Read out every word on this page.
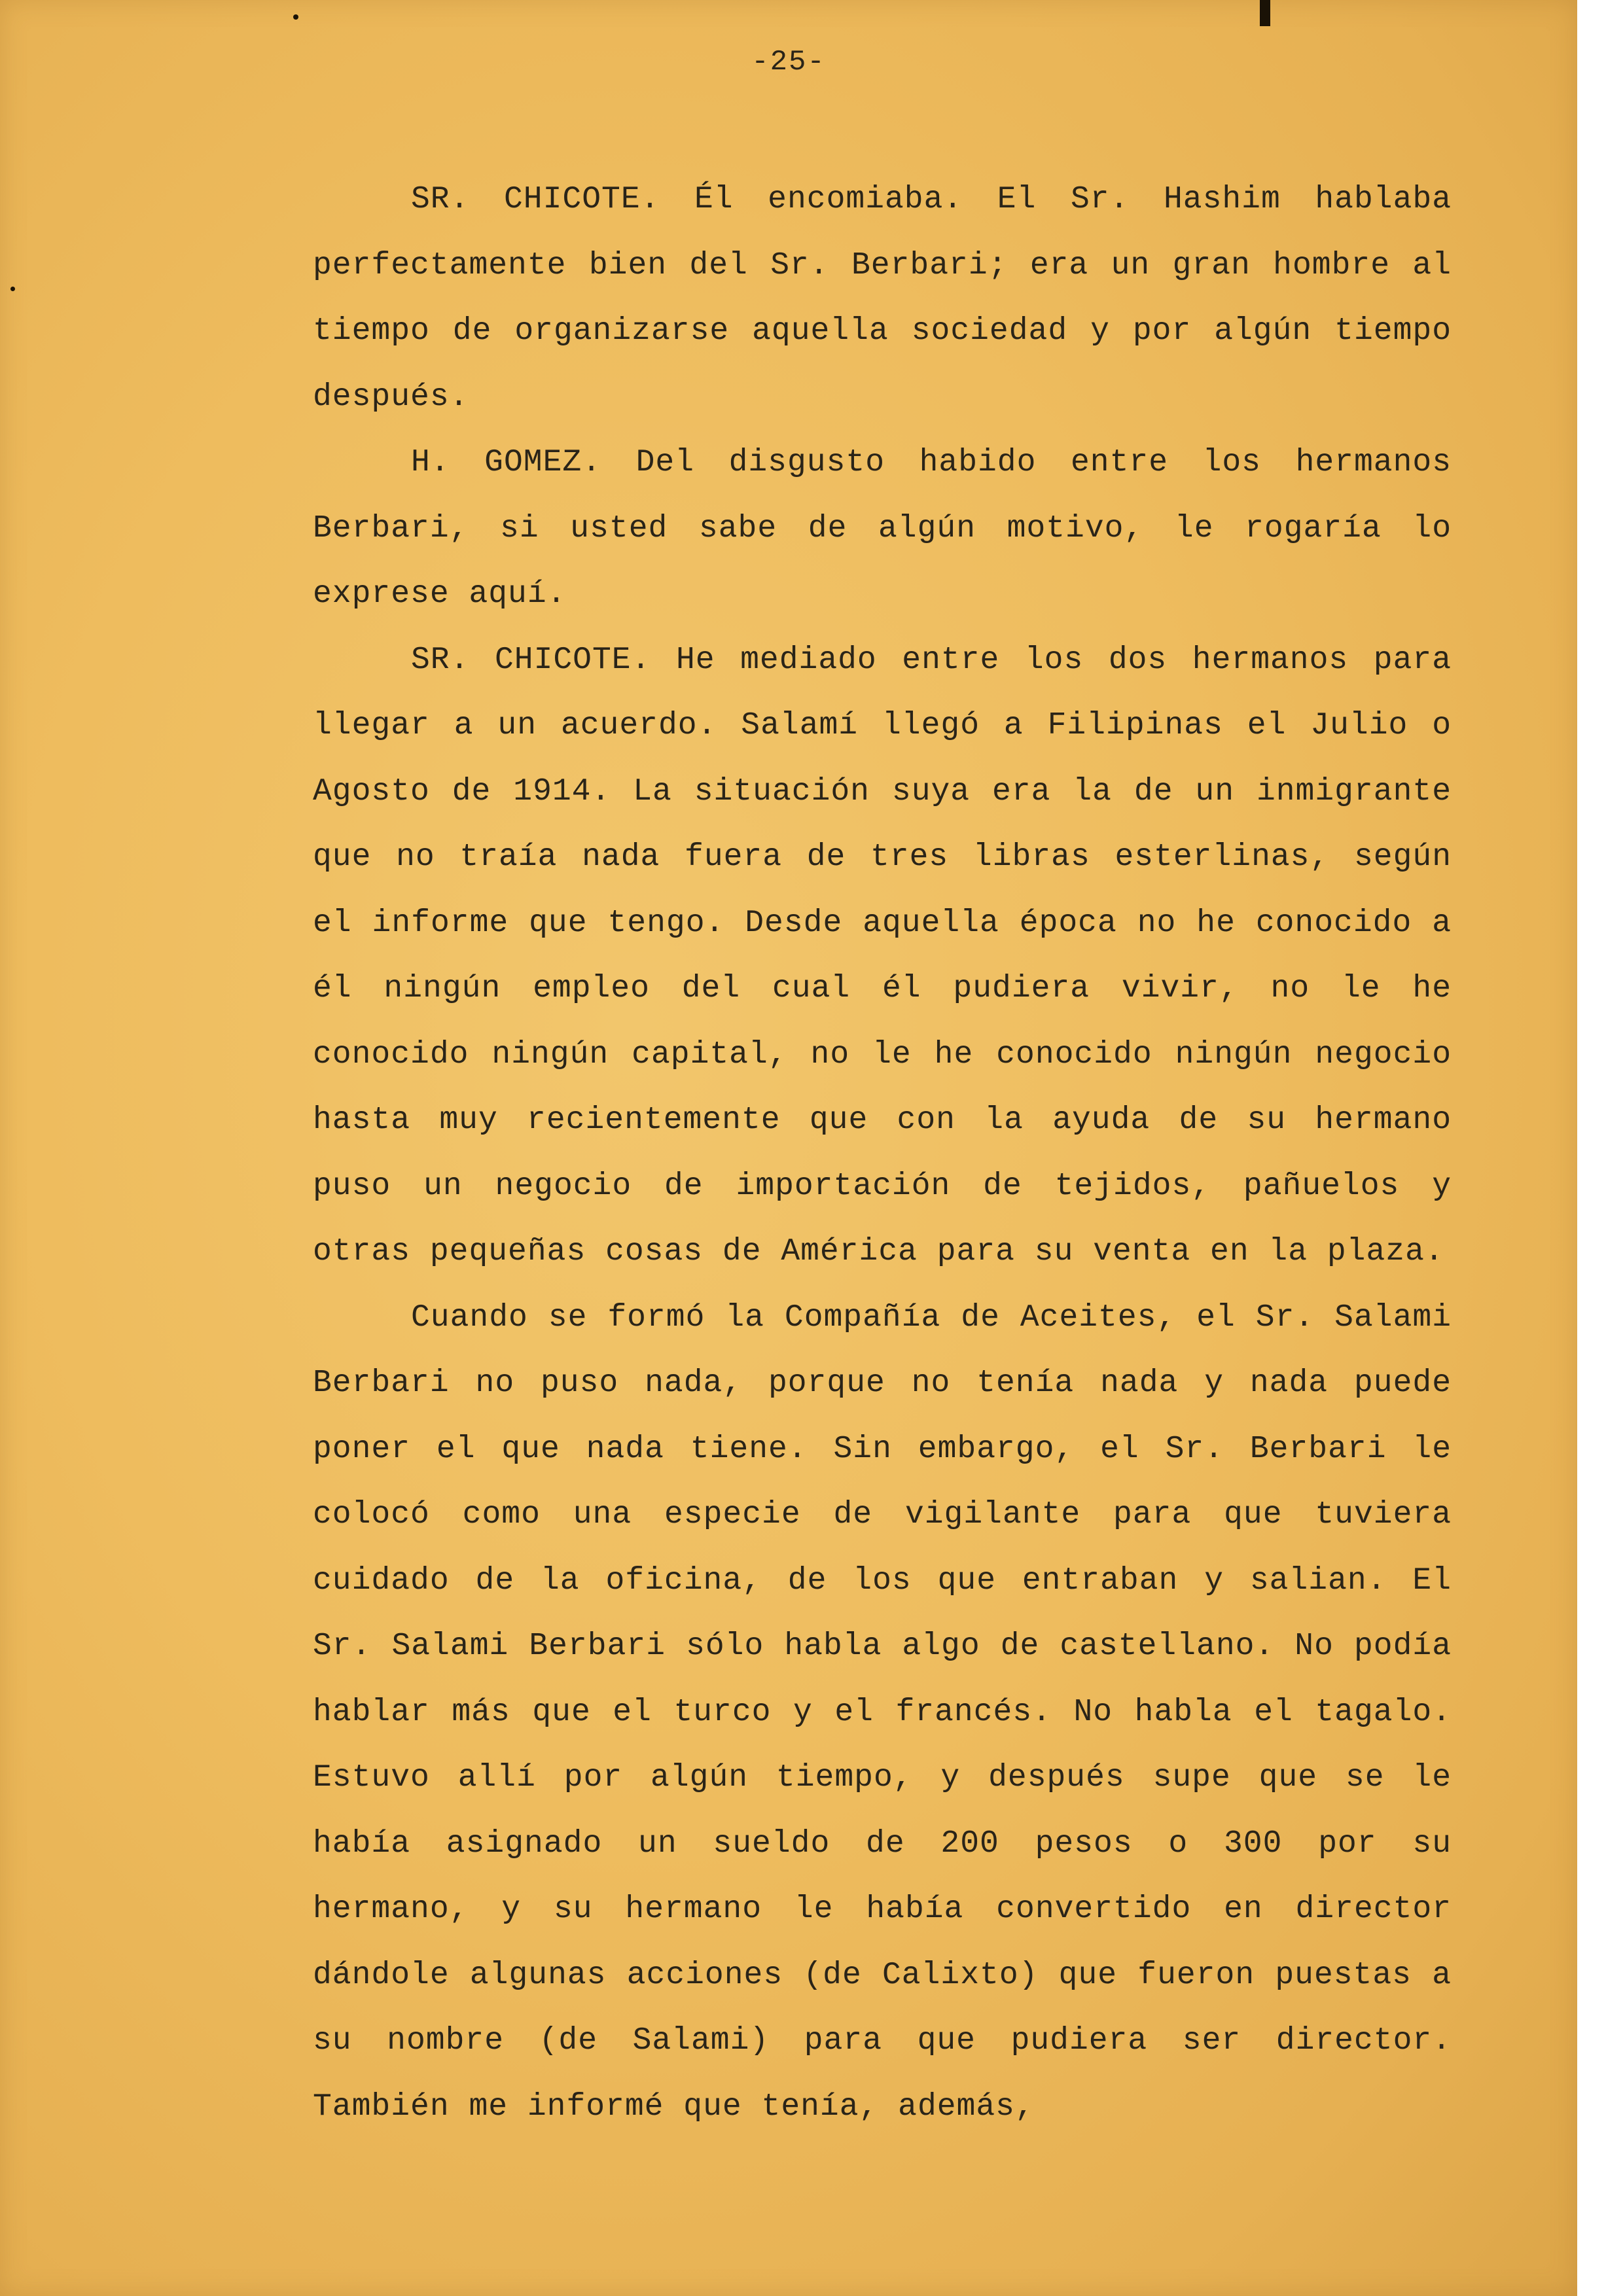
-25-

SR. CHICOTE. Él encomiaba. El Sr. Hashim hablaba perfectamente bien del Sr. Berbari; era un gran hombre al tiempo de organizarse aquella sociedad y por algún tiempo después.

H. GOMEZ. Del disgusto habido entre los hermanos Berbari, si usted sabe de algún motivo, le rogaría lo exprese aquí.

SR. CHICOTE. He mediado entre los dos hermanos para llegar a un acuerdo. Salamí llegó a Filipinas el Julio o Agosto de 1914. La situación suya era la de un inmigrante que no traía nada fuera de tres libras esterlinas, según el informe que tengo. Desde aquella época no he conocido a él ningún empleo del cual él pudiera vivir, no le he conocido ningún capital, no le he conocido ningún negocio hasta muy recientemente que con la ayuda de su hermano puso un negocio de importación de tejidos, pañuelos y otras pequeñas cosas de América para su venta en la plaza.

Cuando se formó la Compañía de Aceites, el Sr. Salami Berbari no puso nada, porque no tenía nada y nada puede poner el que nada tiene. Sin embargo, el Sr. Berbari le colocó como una especie de vigilante para que tuviera cuidado de la oficina, de los que entraban y salian. El Sr. Salami Berbari sólo habla algo de castellano. No podía hablar más que el turco y el francés. No habla el tagalo. Estuvo allí por algún tiempo, y después supe que se le había asignado un sueldo de 200 pesos o 300 por su hermano, y su hermano le había convertido en director dándole algunas acciones (de Calixto) que fueron puestas a su nombre (de Salami) para que pudiera ser director. También me informé que tenía, además,
